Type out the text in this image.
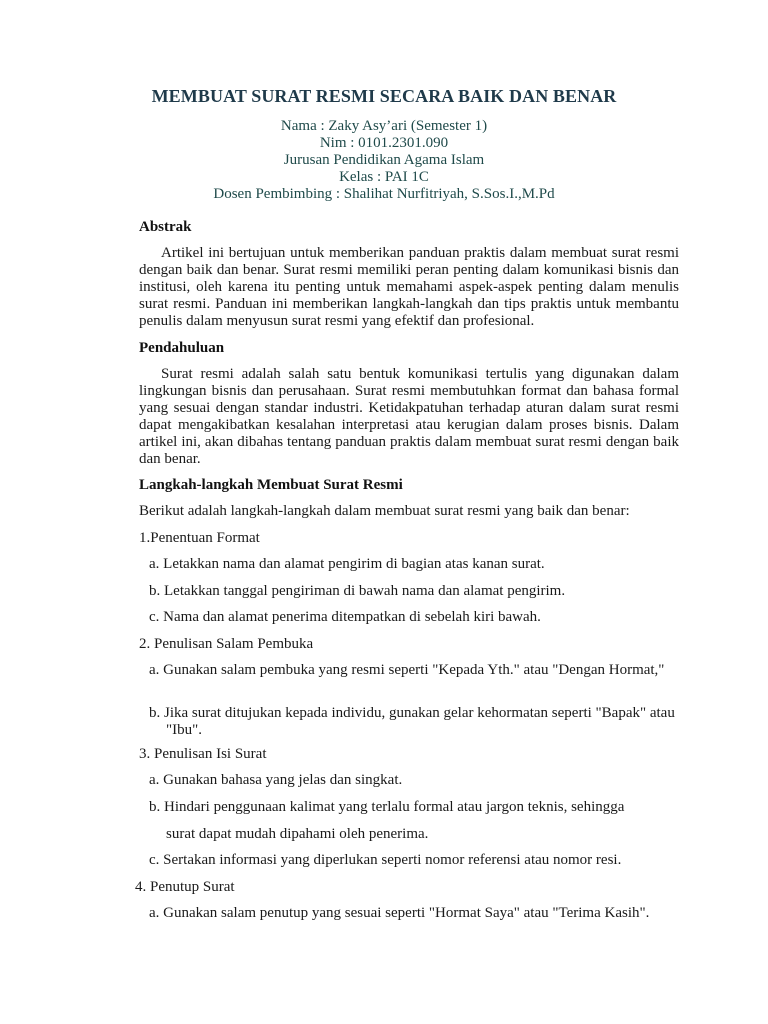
MEMBUAT SURAT RESMI SECARA BAIK DAN BENAR
Nama : Zaky Asy’ari (Semester 1)
Nim : 0101.2301.090
Jurusan Pendidikan Agama Islam
Kelas : PAI 1C
Dosen Pembimbing : Shalihat Nurfitriyah, S.Sos.I.,M.Pd
Abstrak
Artikel ini bertujuan untuk memberikan panduan praktis dalam membuat surat resmi dengan baik dan benar. Surat resmi memiliki peran penting dalam komunikasi bisnis dan institusi, oleh karena itu penting untuk memahami aspek-aspek penting dalam menulis surat resmi. Panduan ini memberikan langkah-langkah dan tips praktis untuk membantu penulis dalam menyusun surat resmi yang efektif dan profesional.
Pendahuluan
Surat resmi adalah salah satu bentuk komunikasi tertulis yang digunakan dalam lingkungan bisnis dan perusahaan. Surat resmi membutuhkan format dan bahasa formal yang sesuai dengan standar industri. Ketidakpatuhan terhadap aturan dalam surat resmi dapat mengakibatkan kesalahan interpretasi atau kerugian dalam proses bisnis. Dalam artikel ini, akan dibahas tentang panduan praktis dalam membuat surat resmi dengan baik dan benar.
Langkah-langkah Membuat Surat Resmi
Berikut adalah langkah-langkah dalam membuat surat resmi yang baik dan benar:
1.Penentuan Format
a. Letakkan nama dan alamat pengirim di bagian atas kanan surat.
b. Letakkan tanggal pengiriman di bawah nama dan alamat pengirim.
c. Nama dan alamat penerima ditempatkan di sebelah kiri bawah.
2. Penulisan Salam Pembuka
a. Gunakan salam pembuka yang resmi seperti "Kepada Yth." atau "Dengan Hormat,"
b. Jika surat ditujukan kepada individu, gunakan gelar kehormatan seperti "Bapak" atau "Ibu".
3. Penulisan Isi Surat
a. Gunakan bahasa yang jelas dan singkat.
b. Hindari penggunaan kalimat yang terlalu formal atau jargon teknis, sehingga
surat dapat mudah dipahami oleh penerima.
c. Sertakan informasi yang diperlukan seperti nomor referensi atau nomor resi.
4. Penutup Surat
a. Gunakan salam penutup yang sesuai seperti "Hormat Saya" atau "Terima Kasih".
